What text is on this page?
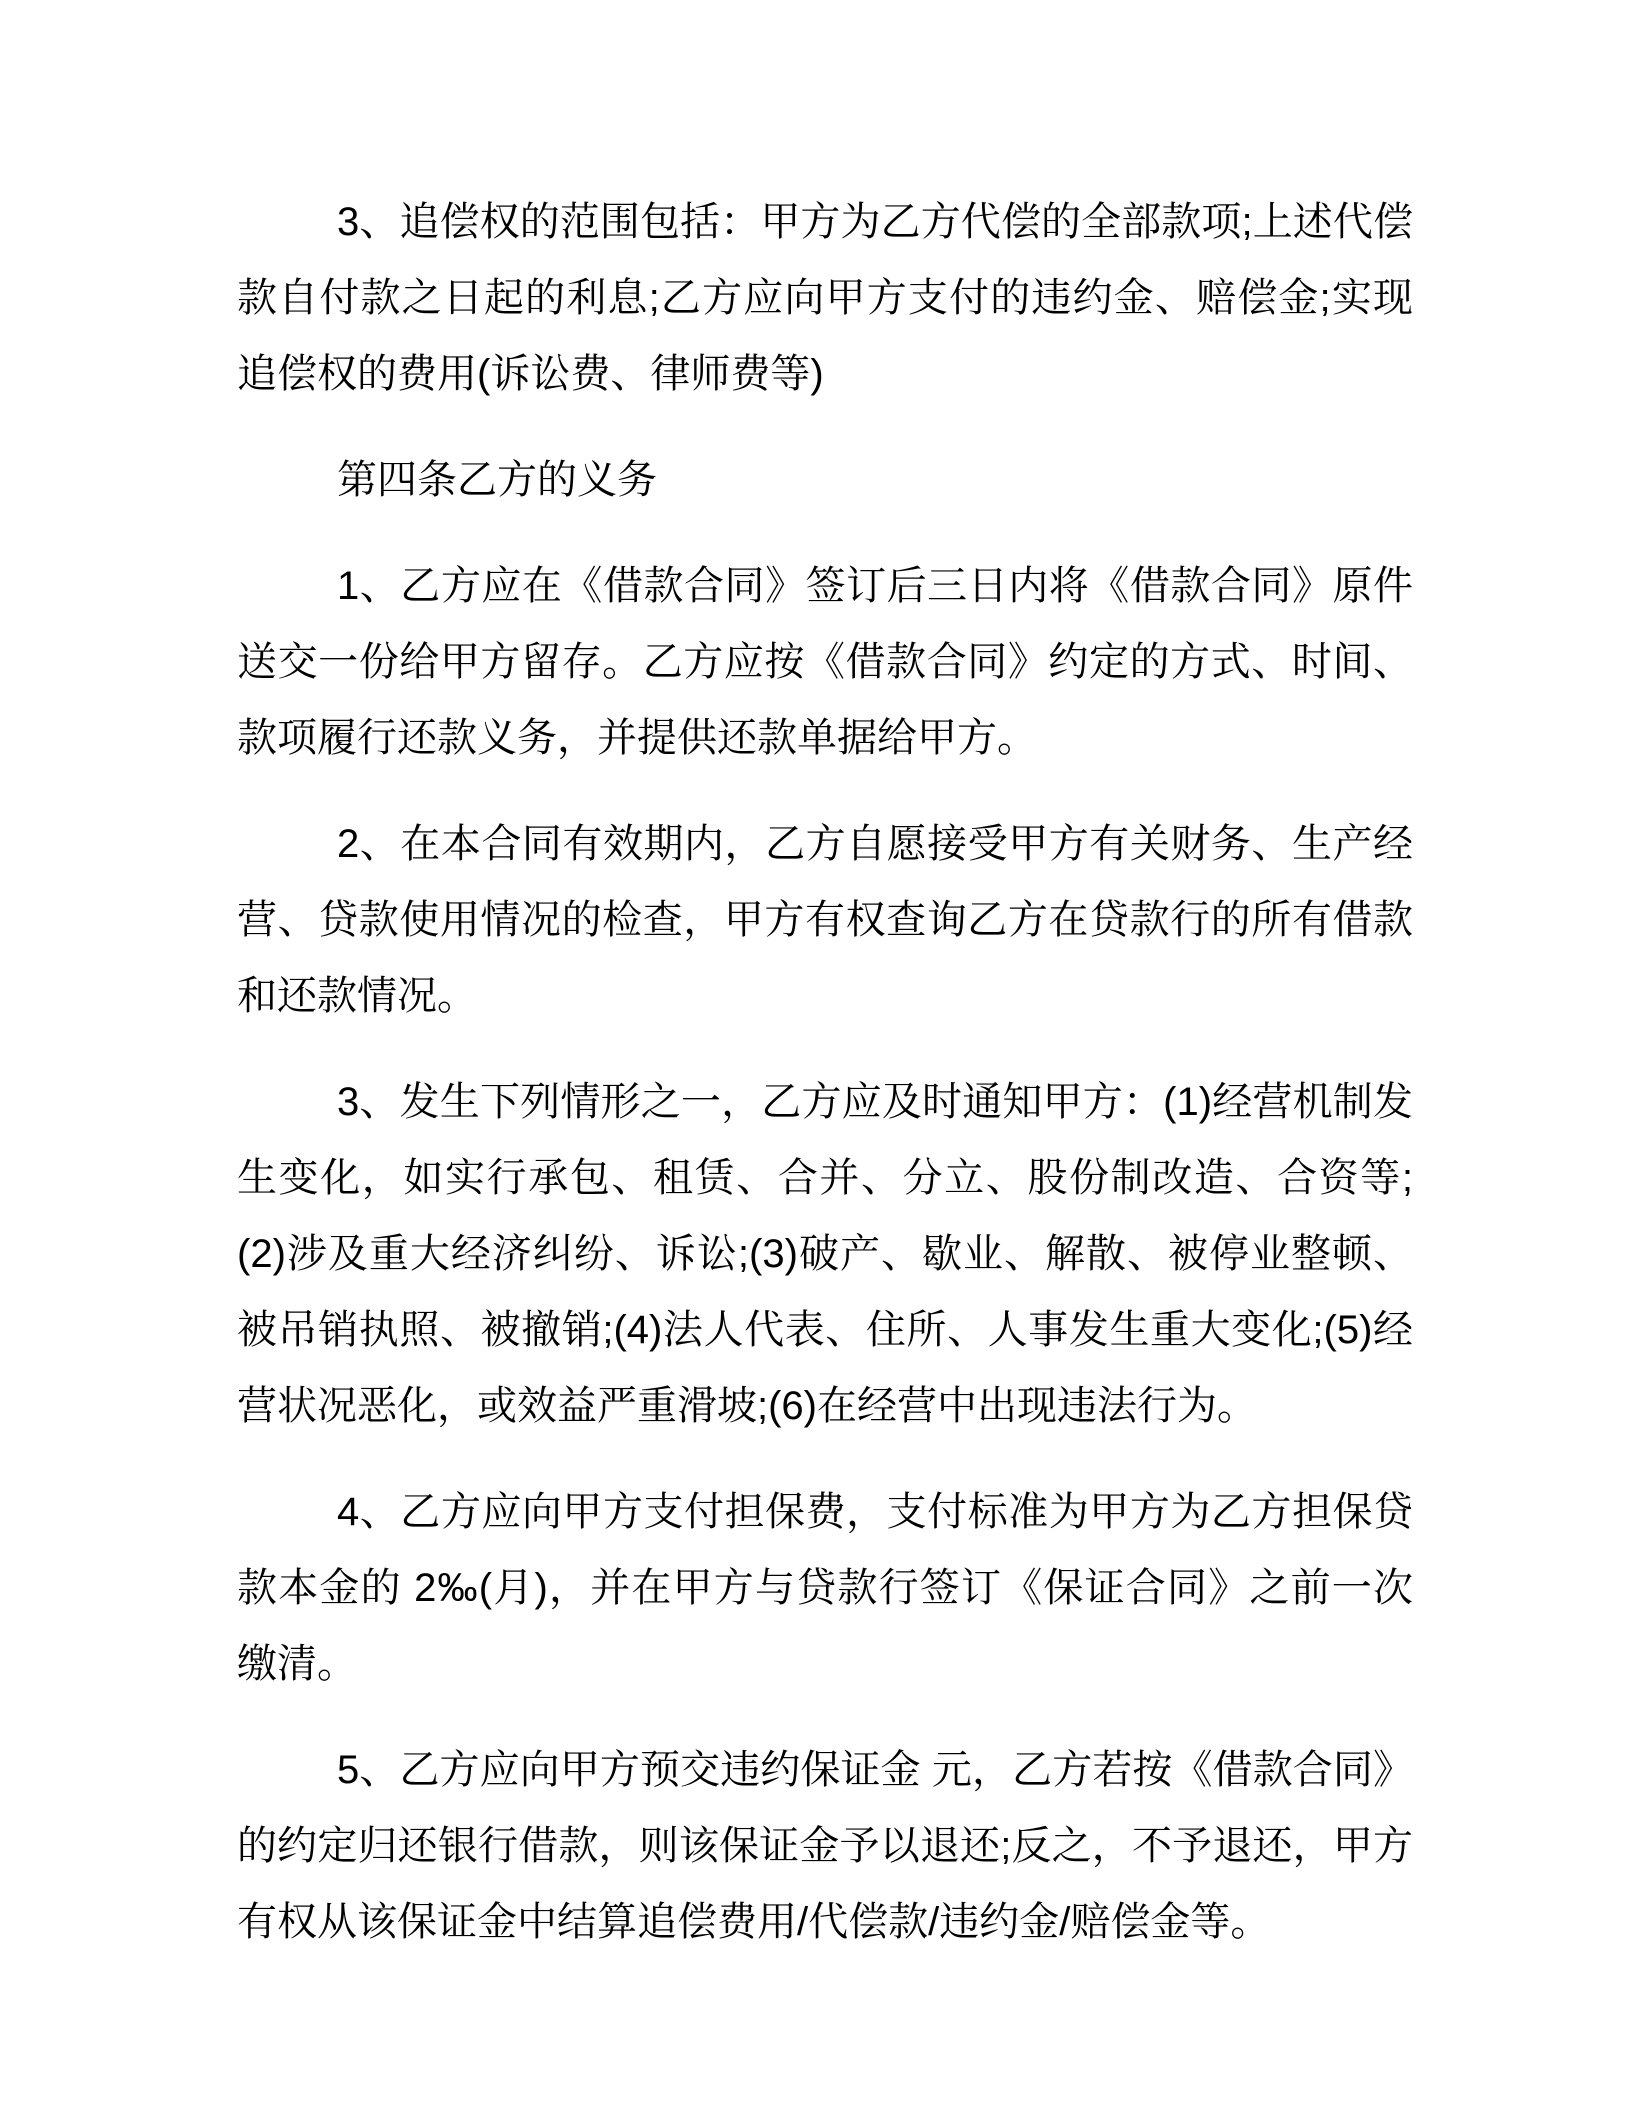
3、追偿权的范围包括：甲方为乙方代偿的全部款项;上述代偿款自付款之日起的利息;乙方应向甲方支付的违约金、赔偿金;实现追偿权的费用(诉讼费、律师费等)

第四条乙方的义务

1、乙方应在《借款合同》签订后三日内将《借款合同》原件送交一份给甲方留存。乙方应按《借款合同》约定的方式、时间、款项履行还款义务，并提供还款单据给甲方。

2、在本合同有效期内，乙方自愿接受甲方有关财务、生产经营、贷款使用情况的检查，甲方有权查询乙方在贷款行的所有借款和还款情况。

3、发生下列情形之一，乙方应及时通知甲方：(1)经营机制发生变化，如实行承包、租赁、合并、分立、股份制改造、合资等;(2)涉及重大经济纠纷、诉讼;(3)破产、歇业、解散、被停业整顿、被吊销执照、被撤销;(4)法人代表、住所、人事发生重大变化;(5)经营状况恶化，或效益严重滑坡;(6)在经营中出现违法行为。

4、乙方应向甲方支付担保费，支付标准为甲方为乙方担保贷款本金的 2‰(月)，并在甲方与贷款行签订《保证合同》之前一次缴清。

5、乙方应向甲方预交违约保证金 元，乙方若按《借款合同》的约定归还银行借款，则该保证金予以退还;反之，不予退还，甲方有权从该保证金中结算追偿费用/代偿款/违约金/赔偿金等。
